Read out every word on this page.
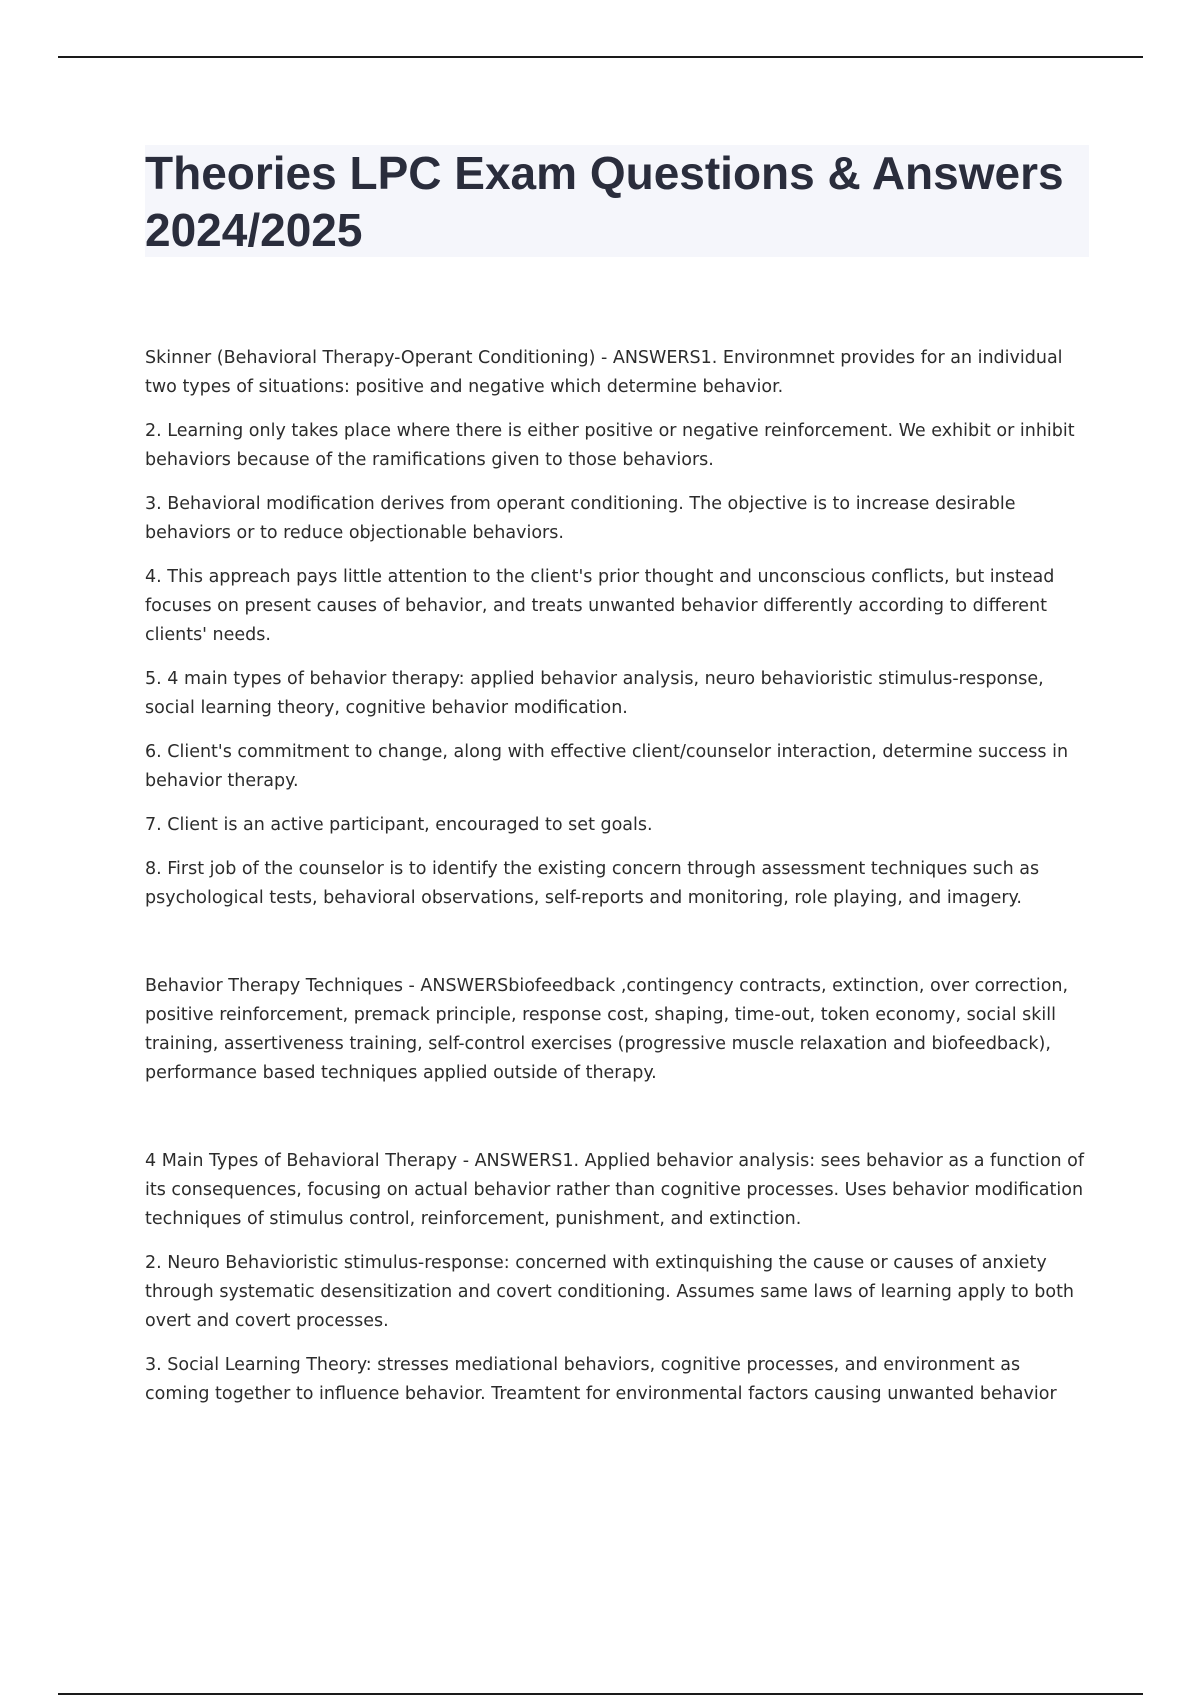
Theories LPC Exam Questions & Answers 2024/2025

Skinner (Behavioral Therapy-Operant Conditioning) - ANSWERS1. Environmnet provides for an individual two types of situations: positive and negative which determine behavior.

2. Learning only takes place where there is either positive or negative reinforcement. We exhibit or inhibit behaviors because of the ramifications given to those behaviors.

3. Behavioral modification derives from operant conditioning. The objective is to increase desirable behaviors or to reduce objectionable behaviors.

4. This appreach pays little attention to the client's prior thought and unconscious conflicts, but instead focuses on present causes of behavior, and treats unwanted behavior differently according to different clients' needs.

5. 4 main types of behavior therapy: applied behavior analysis, neuro behavioristic stimulus-response, social learning theory, cognitive behavior modification.

6. Client's commitment to change, along with effective client/counselor interaction, determine success in behavior therapy.

7. Client is an active participant, encouraged to set goals.

8. First job of the counselor is to identify the existing concern through assessment techniques such as psychological tests, behavioral observations, self-reports and monitoring, role playing, and imagery.

Behavior Therapy Techniques - ANSWERSbiofeedback ,contingency contracts, extinction, over correction, positive reinforcement, premack principle, response cost, shaping, time-out, token economy, social skill training, assertiveness training, self-control exercises (progressive muscle relaxation and biofeedback), performance based techniques applied outside of therapy.

4 Main Types of Behavioral Therapy - ANSWERS1. Applied behavior analysis: sees behavior as a function of its consequences, focusing on actual behavior rather than cognitive processes. Uses behavior modification techniques of stimulus control, reinforcement, punishment, and extinction.

2. Neuro Behavioristic stimulus-response: concerned with extinquishing the cause or causes of anxiety through systematic desensitization and covert conditioning. Assumes same laws of learning apply to both overt and covert processes.

3. Social Learning Theory: stresses mediational behaviors, cognitive processes, and environment as coming together to influence behavior. Treamtent for environmental factors causing unwanted behavior
